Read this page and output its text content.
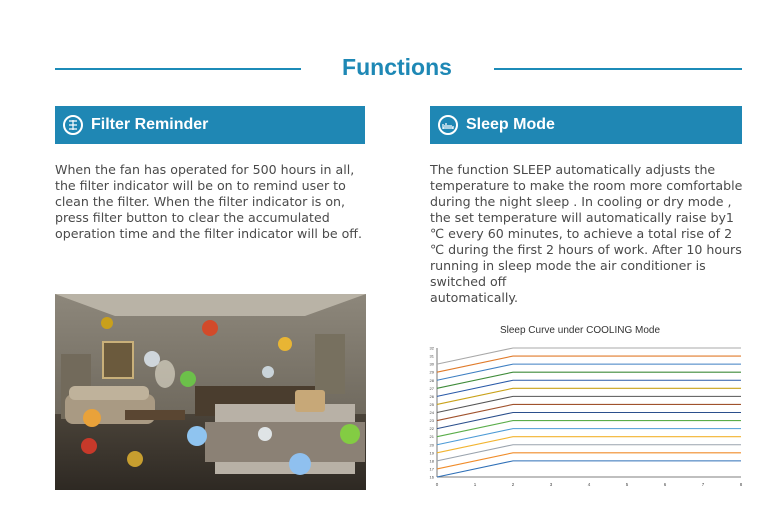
Functions
Filter Reminder	Sleep Mode

When the fan has operated for 500 hours in all, the filter indicator will be on to remind user to clean the filter. When the filter indicator is on, press filter button to clear the accumulated operation time and the filter indicator will be off.

The function SLEEP automatically adjusts the temperature to make the room more comfortable during the night sleep . In cooling or dry mode , the set temperature will automatically raise by1 ℃ every 60 minutes, to achieve a total rise of 2 ℃ during the first 2 hours of work. After 10 hours running in sleep mode the air conditioner is switched off

automatically.

Sleep Curve under COOLING Mode
0	1	2	3	4	5	6	7	8
16
17
18
19
20
21
22
23
24
25
26
27
28
29
30
31
32
